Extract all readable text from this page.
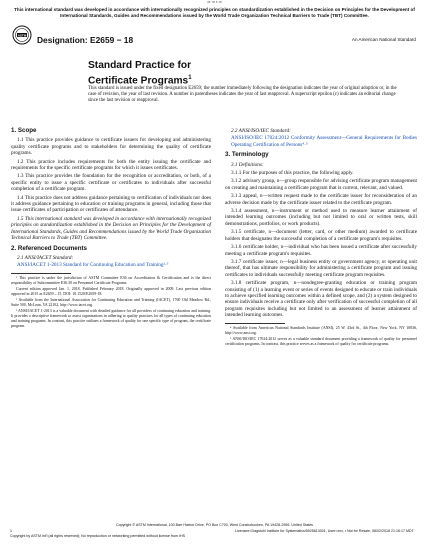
ᴬᴮ ᵀᴹ ᴱ ᴬᴱ
This international standard was developed in accordance with internationally recognized principles on standardization established in the Decision on Principles for the Development of International Standards, Guides and Recommendations issued by the World Trade Organization Technical Barriers to Trade (TBT) Committee.
ASTM Designation: E2659 − 18	An American National Standard
Standard Practice for
Certificate Programs$^1$
This standard is issued under the fixed designation E2659; the number immediately following the designation indicates the year of original adoption or, in the case of revision, the year of last revision. A number in parentheses indicates the year of last reapproval. A superscript epsilon (ε) indicates an editorial change since the last revision or reapproval.
1. Scope

1.1 This practice provides guidance to certificate issuers for developing and administering quality certificate programs and to stakeholders for determining the quality of certificate programs.

1.2 This practice includes requirements for both the entity issuing the certificate and requirements for the specific certificate programs for which it issues certificates.

1.3 This practice provides the foundation for the recognition or accreditation, or both, of a specific entity to issue a specific certificate or certificates to individuals after successful completion of a certificate program.

1.4 This practice does not address guidance pertaining to certification of individuals nor does it address guidance pertaining to education or training programs in general, including those that issue certificates of participation or certificates of attendance.

1.5 This international standard was developed in accordance with internationally recognized principles on standardization established in the Decision on Principles for the Development of International Standards, Guides and Recommendations issued by the World Trade Organization Technical Barriers to Trade (TBT) Committee.

2. Referenced Documents

2.1 ANSI/IACET Standard:

ANSI/IACET 1-2013 Standard for Continuing Education and Training²·³

¹ This practice is under the jurisdiction of ASTM Committee E36 on Accreditation & Certification and is the direct responsibility of Subcommittee E36.30 on Personnel Certificate Programs.

Current edition approved Jan. 1, 2018. Published February 2018. Originally approved in 2009. Last previous edition approved in 2015 as E2659 – 15. DOI: 10.1520/E2659-18.

² Available from the International Association for Continuing Education and Training (IACET), 1760 Old Meadow Rd., Suite 500, McLean, VA 22102, http://www.iacet.org.

³ ANSI/IACET 1-2013 is a valuable document with detailed guidance for all providers of continuing education and training. It provides a descriptive framework to assist organizations in adhering to quality practices for all types of continuing education and training programs. In contrast, this practice outlines a framework of quality for one specific type of program, the certificate program.

2.2 ANSI/ISO/IEC Standard:

ANSI/ISO/IEC 17024:2012 Conformity Assessment—General Requirements for Bodies Operating Certification of Persons⁴·⁵

3. Terminology

3.1 Definitions:

3.1.1 For the purposes of this practice, the following apply.

3.1.2 advisory group, n—group responsible for advising certificate program management on creating and maintaining a certificate program that is current, relevant, and valued.

3.1.3 appeal, n—written request made to the certificate issuer for reconsideration of an adverse decision made by the certificate issuer related to the certificate program.

3.1.4 assessment, n—instrument or method used to measure learner attainment of intended learning outcomes (including but not limited to oral or written tests, skill demonstrations, portfolios, or work products).

3.1.5 certificate, n—document (letter, card, or other medium) awarded to certificate holders that designates the successful completion of a certificate program's requisites.

3.1.6 certificate holder, n—individual who has been issued a certificate after successfully meeting a certificate program's requisites.

3.1.7 certificate issuer, n—legal business entity or government agency, or operating unit thereof, that has ultimate responsibility for administering a certificate program and issuing certificates to individuals successfully meeting certificate program requisites.

3.1.8 certificate program, n—nondegree-granting education or training program consisting of (1) a learning event or series of events designed to educate or train individuals to achieve specified learning outcomes within a defined scope, and (2) a system designed to ensure individuals receive a certificate only after verification of successful completion of all program requisites including but not limited to an assessment of learner attainment of intended learning outcomes.

⁴ Available from American National Standards Institute (ANSI), 25 W. 43rd St., 4th Floor, New York, NY 10036, http://www.ansi.org.

⁵ ANSI/ISO/IEC 17024:2012 serves as a valuable standard document providing a framework of quality for personnel certification programs. In contrast, this practice serves as a framework of quality for certificate programs.

Copyright © ASTM International, 100 Barr Harbor Drive, PO Box C700, West Conshohocken, PA 19428-2959. United States
1
Copyright by ASTM Int'l (all rights reserved); No reproduction or networking permitted without license from IHS
Licensee=Dagstuhl Institute for Systematics/5925813001, User=xxx, r Not for Resale, 08/02/2018 21:16:17 MDT
